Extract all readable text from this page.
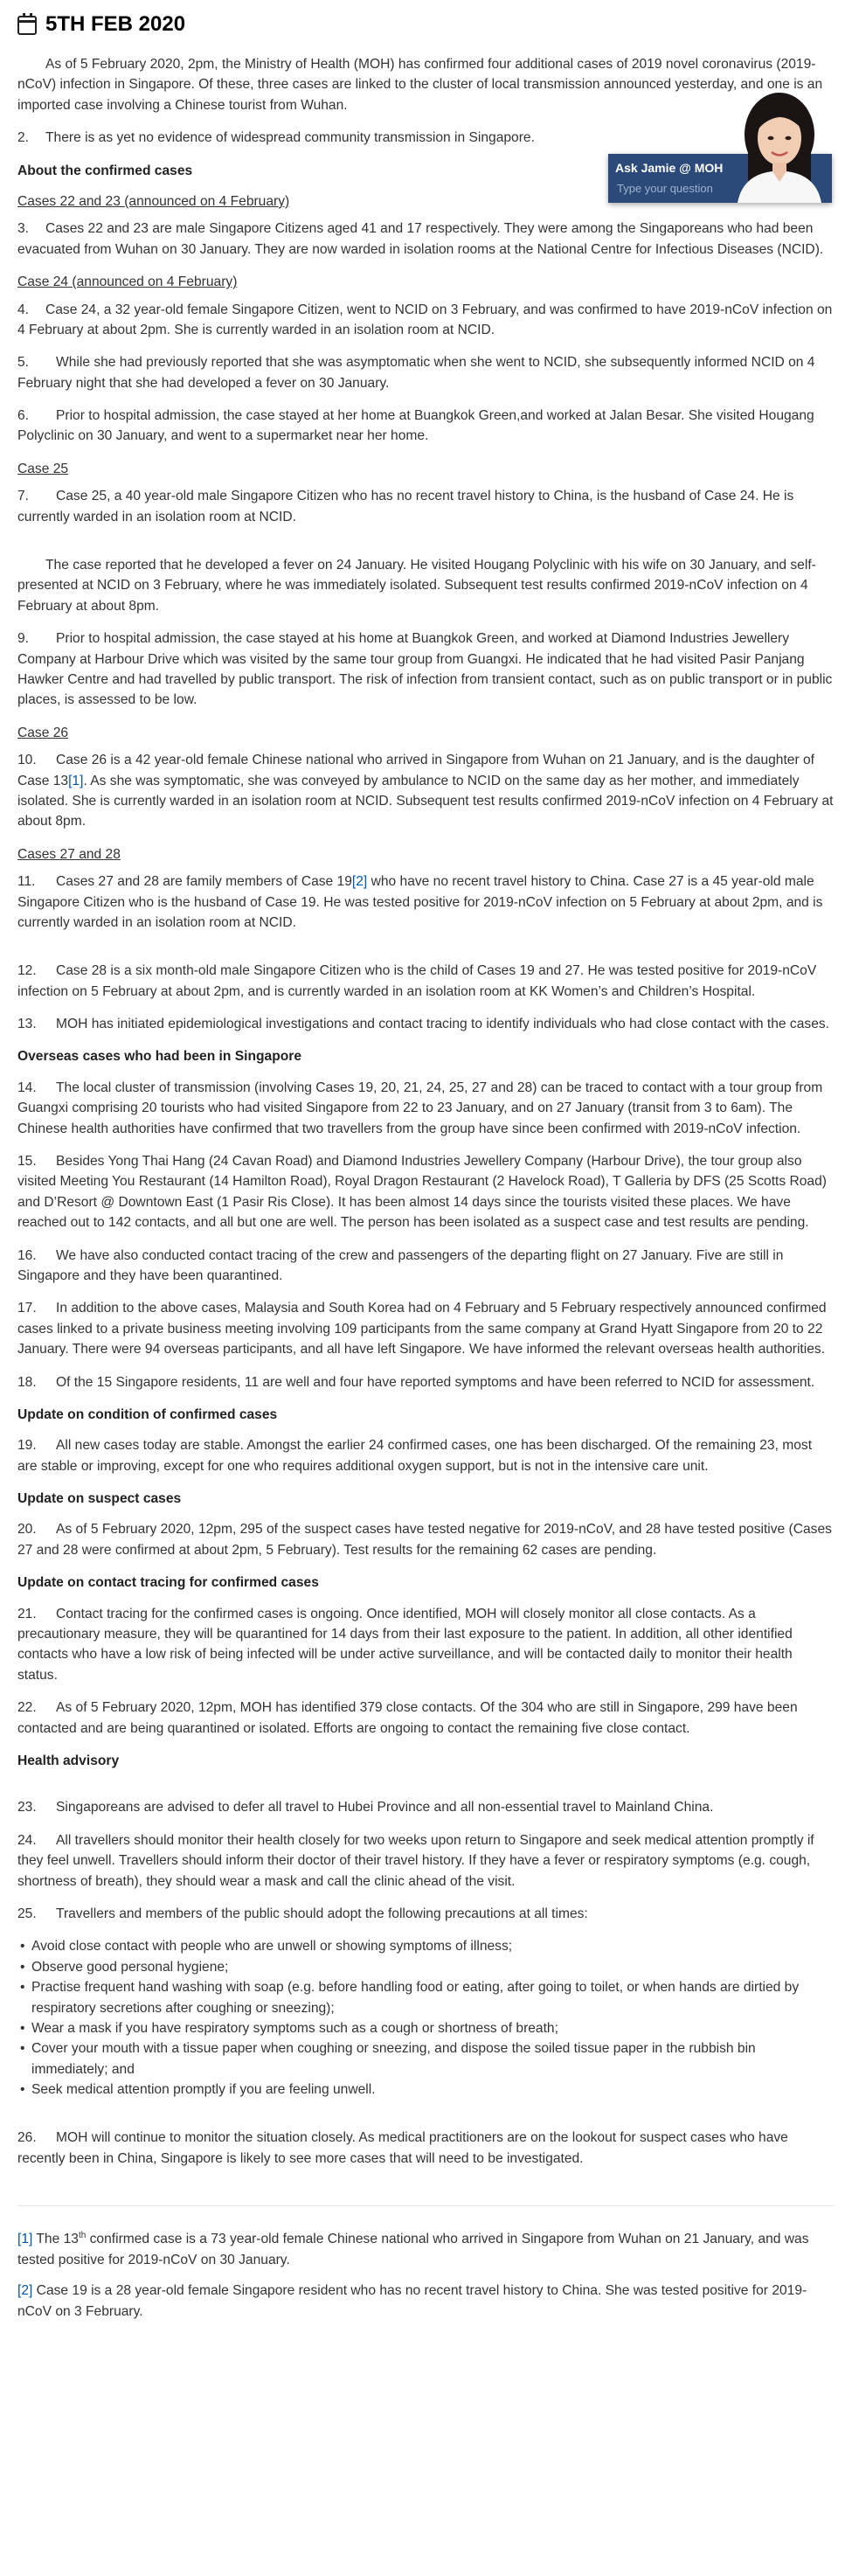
5TH FEB 2020

As of 5 February 2020, 2pm, the Ministry of Health (MOH) has confirmed four additional cases of 2019 novel coronavirus (2019-nCoV) infection in Singapore. Of these, three cases are linked to the cluster of local transmission announced yesterday, and one is an imported case involving a Chinese tourist from Wuhan.

2. There is as yet no evidence of widespread community transmission in Singapore.

About the confirmed cases

Cases 22 and 23 (announced on 4 February)

3. Cases 22 and 23 are male Singapore Citizens aged 41 and 17 respectively. They were among the Singaporeans who had been evacuated from Wuhan on 30 January. They are now warded in isolation rooms at the National Centre for Infectious Diseases (NCID).

Case 24 (announced on 4 February)

4. Case 24, a 32 year-old female Singapore Citizen, went to NCID on 3 February, and was confirmed to have 2019-nCoV infection on 4 February at about 2pm. She is currently warded in an isolation room at NCID.

5. While she had previously reported that she was asymptomatic when she went to NCID, she subsequently informed NCID on 4 February night that she had developed a fever on 30 January.

6. Prior to hospital admission, the case stayed at her home at Buangkok Green,and worked at Jalan Besar. She visited Hougang Polyclinic on 30 January, and went to a supermarket near her home.

Case 25

7. Case 25, a 40 year-old male Singapore Citizen who has no recent travel history to China, is the husband of Case 24. He is currently warded in an isolation room at NCID.

The case reported that he developed a fever on 24 January. He visited Hougang Polyclinic with his wife on 30 January, and self-presented at NCID on 3 February, where he was immediately isolated. Subsequent test results confirmed 2019-nCoV infection on 4 February at about 8pm.

9. Prior to hospital admission, the case stayed at his home at Buangkok Green, and worked at Diamond Industries Jewellery Company at Harbour Drive which was visited by the same tour group from Guangxi. He indicated that he had visited Pasir Panjang Hawker Centre and had travelled by public transport. The risk of infection from transient contact, such as on public transport or in public places, is assessed to be low.

Case 26

10. Case 26 is a 42 year-old female Chinese national who arrived in Singapore from Wuhan on 21 January, and is the daughter of Case 13[1]. As she was symptomatic, she was conveyed by ambulance to NCID on the same day as her mother, and immediately isolated. She is currently warded in an isolation room at NCID. Subsequent test results confirmed 2019-nCoV infection on 4 February at about 8pm.

Cases 27 and 28

11. Cases 27 and 28 are family members of Case 19[2] who have no recent travel history to China. Case 27 is a 45 year-old male Singapore Citizen who is the husband of Case 19. He was tested positive for 2019-nCoV infection on 5 February at about 2pm, and is currently warded in an isolation room at NCID.

12. Case 28 is a six month-old male Singapore Citizen who is the child of Cases 19 and 27. He was tested positive for 2019-nCoV infection on 5 February at about 2pm, and is currently warded in an isolation room at KK Women’s and Children’s Hospital.

13. MOH has initiated epidemiological investigations and contact tracing to identify individuals who had close contact with the cases.

Overseas cases who had been in Singapore

14. The local cluster of transmission (involving Cases 19, 20, 21, 24, 25, 27 and 28) can be traced to contact with a tour group from Guangxi comprising 20 tourists who had visited Singapore from 22 to 23 January, and on 27 January (transit from 3 to 6am). The Chinese health authorities have confirmed that two travellers from the group have since been confirmed with 2019-nCoV infection.

15. Besides Yong Thai Hang (24 Cavan Road) and Diamond Industries Jewellery Company (Harbour Drive), the tour group also visited Meeting You Restaurant (14 Hamilton Road), Royal Dragon Restaurant (2 Havelock Road), T Galleria by DFS (25 Scotts Road) and D’Resort @ Downtown East (1 Pasir Ris Close). It has been almost 14 days since the tourists visited these places. We have reached out to 142 contacts, and all but one are well. The person has been isolated as a suspect case and test results are pending.

16. We have also conducted contact tracing of the crew and passengers of the departing flight on 27 January. Five are still in Singapore and they have been quarantined.

17. In addition to the above cases, Malaysia and South Korea had on 4 February and 5 February respectively announced confirmed cases linked to a private business meeting involving 109 participants from the same company at Grand Hyatt Singapore from 20 to 22 January. There were 94 overseas participants, and all have left Singapore. We have informed the relevant overseas health authorities.

18. Of the 15 Singapore residents, 11 are well and four have reported symptoms and have been referred to NCID for assessment.

Update on condition of confirmed cases

19. All new cases today are stable. Amongst the earlier 24 confirmed cases, one has been discharged. Of the remaining 23, most are stable or improving, except for one who requires additional oxygen support, but is not in the intensive care unit.

Update on suspect cases

20. As of 5 February 2020, 12pm, 295 of the suspect cases have tested negative for 2019-nCoV, and 28 have tested positive (Cases 27 and 28 were confirmed at about 2pm, 5 February). Test results for the remaining 62 cases are pending.

Update on contact tracing for confirmed cases

21. Contact tracing for the confirmed cases is ongoing. Once identified, MOH will closely monitor all close contacts. As a precautionary measure, they will be quarantined for 14 days from their last exposure to the patient. In addition, all other identified contacts who have a low risk of being infected will be under active surveillance, and will be contacted daily to monitor their health status.

22. As of 5 February 2020, 12pm, MOH has identified 379 close contacts. Of the 304 who are still in Singapore, 299 have been contacted and are being quarantined or isolated. Efforts are ongoing to contact the remaining five close contact.

Health advisory

23. Singaporeans are advised to defer all travel to Hubei Province and all non-essential travel to Mainland China.

24. All travellers should monitor their health closely for two weeks upon return to Singapore and seek medical attention promptly if they feel unwell. Travellers should inform their doctor of their travel history. If they have a fever or respiratory symptoms (e.g. cough, shortness of breath), they should wear a mask and call the clinic ahead of the visit.

25. Travellers and members of the public should adopt the following precautions at all times:

• Avoid close contact with people who are unwell or showing symptoms of illness;
• Observe good personal hygiene;
• Practise frequent hand washing with soap (e.g. before handling food or eating, after going to toilet, or when hands are dirtied by respiratory secretions after coughing or sneezing);
• Wear a mask if you have respiratory symptoms such as a cough or shortness of breath;
• Cover your mouth with a tissue paper when coughing or sneezing, and dispose the soiled tissue paper in the rubbish bin immediately; and
• Seek medical attention promptly if you are feeling unwell.

26. MOH will continue to monitor the situation closely. As medical practitioners are on the lookout for suspect cases who have recently been in China, Singapore is likely to see more cases that will need to be investigated.

[1] The 13th confirmed case is a 73 year-old female Chinese national who arrived in Singapore from Wuhan on 21 January, and was tested positive for 2019-nCoV on 30 January.

[2] Case 19 is a 28 year-old female Singapore resident who has no recent travel history to China. She was tested positive for 2019-nCoV on 3 February.

Ask Jamie @ MOH
Type your question
